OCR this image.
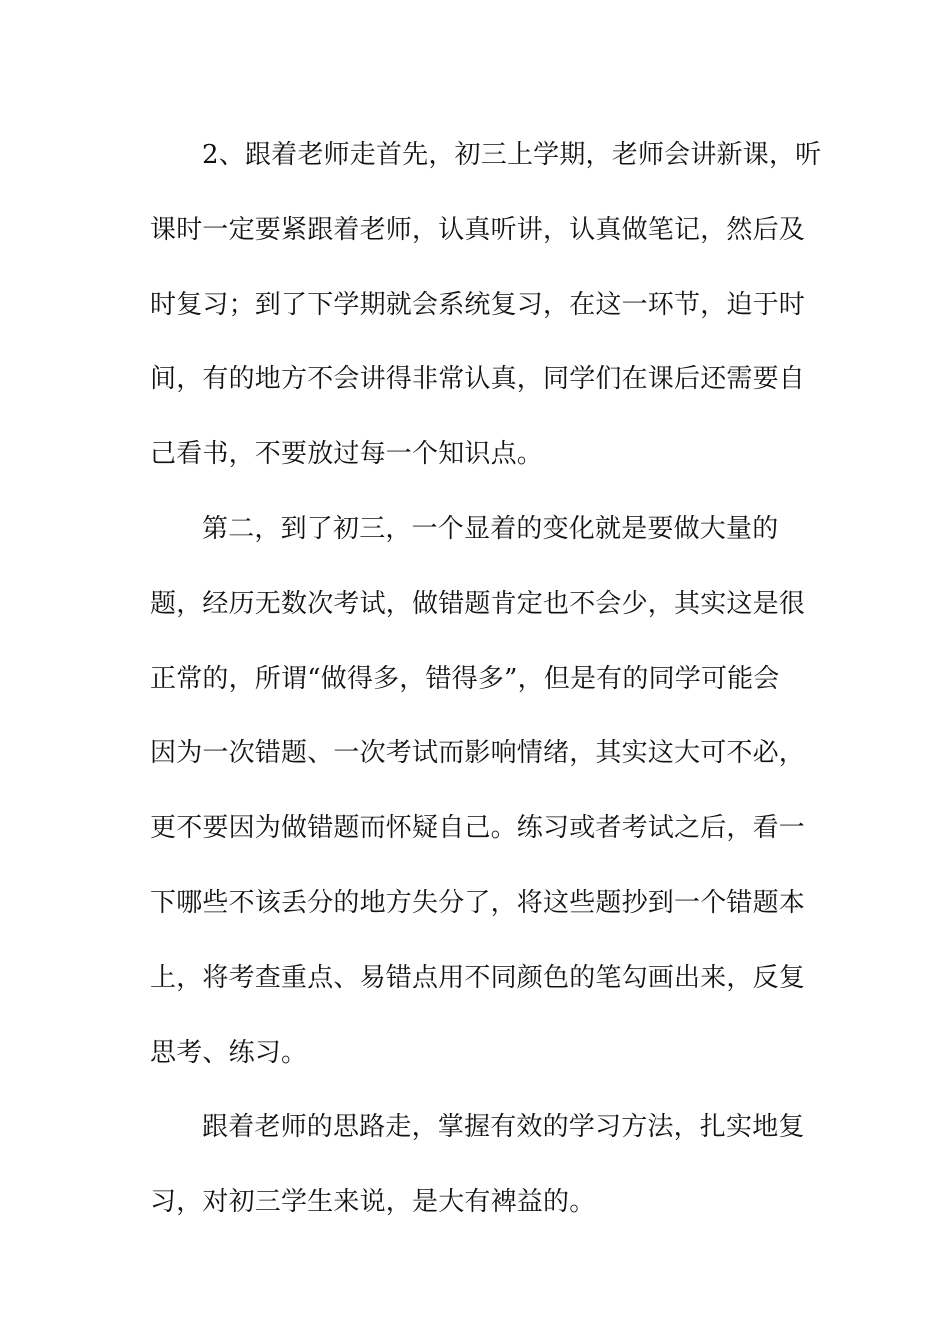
2、跟着老师走首先，初三上学期，老师会讲新课，听
课时一定要紧跟着老师，认真听讲，认真做笔记，然后及
时复习；到了下学期就会系统复习，在这一环节，迫于时
间，有的地方不会讲得非常认真，同学们在课后还需要自
己看书，不要放过每一个知识点。

第二，到了初三，一个显着的变化就是要做大量的
题，经历无数次考试，做错题肯定也不会少，其实这是很
正常的，所谓“做得多，错得多”，但是有的同学可能会
因为一次错题、一次考试而影响情绪，其实这大可不必，
更不要因为做错题而怀疑自己。练习或者考试之后，看一
下哪些不该丢分的地方失分了，将这些题抄到一个错题本
上，将考查重点、易错点用不同颜色的笔勾画出来，反复
思考、练习。

跟着老师的思路走，掌握有效的学习方法，扎实地复
习，对初三学生来说，是大有裨益的。
